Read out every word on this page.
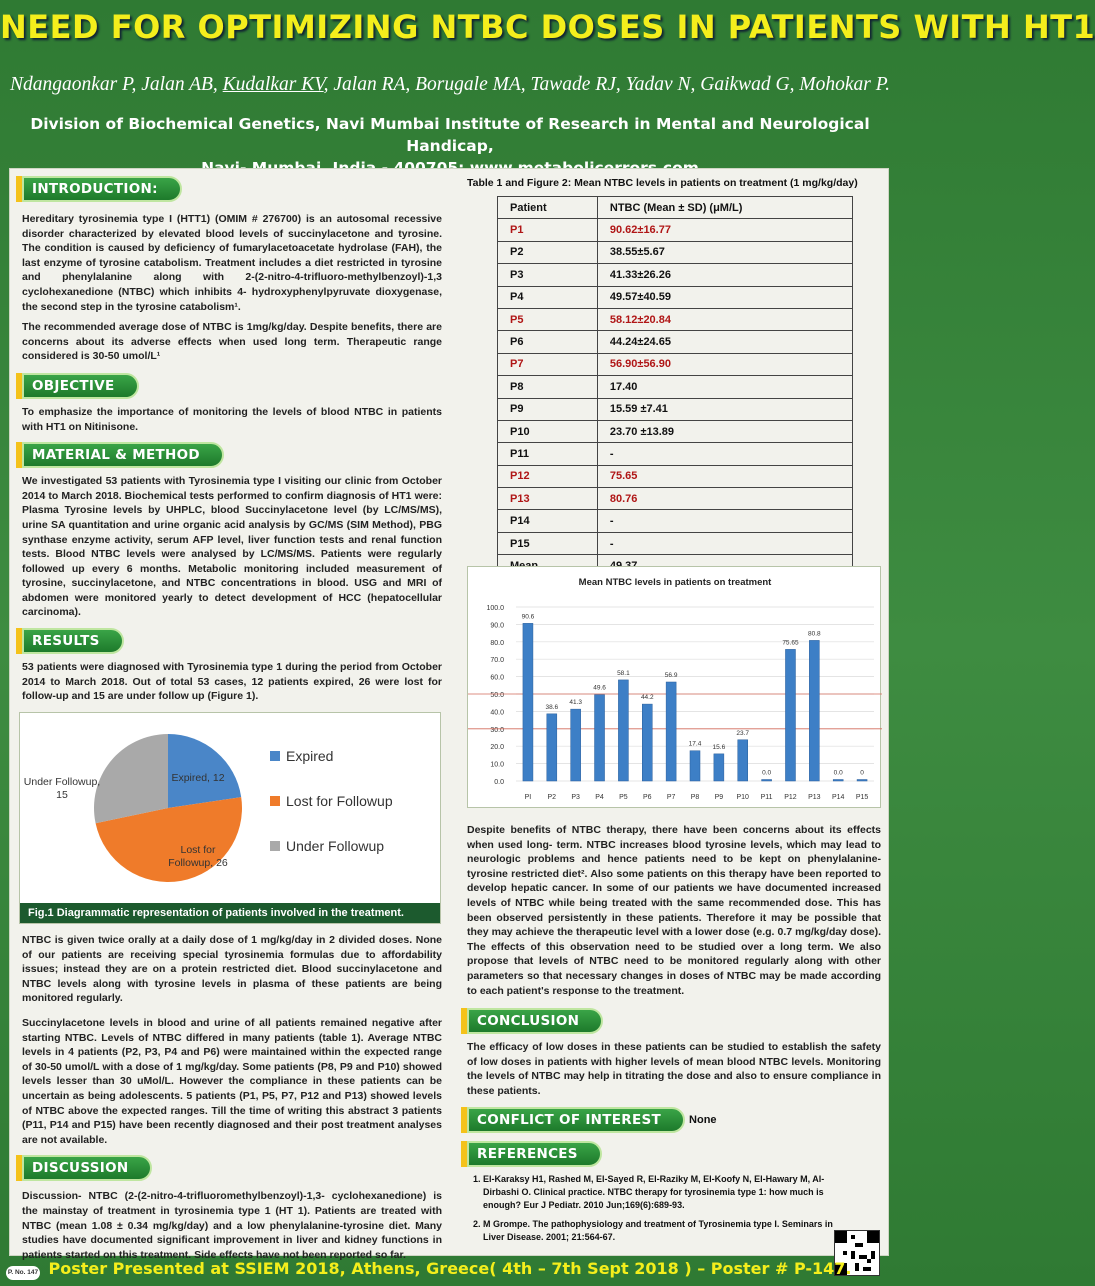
NEED FOR OPTIMIZING NTBC DOSES IN PATIENTS WITH HT1
Ndangaonkar P, Jalan AB, Kudalkar KV, Jalan RA, Borugale MA, Tawade RJ, Yadav N, Gaikwad G, Mohokar P.
Division of Biochemical Genetics, Navi Mumbai Institute of Research in Mental and Neurological Handicap,
INTRODUCTION:

Hereditary tyrosinemia type I (HTT1) (OMIM # 276700) is an autosomal recessive disorder characterized by elevated blood levels of succinylacetone and tyrosine. The condition is caused by deficiency of fumarylacetoacetate hydrolase (FAH), the last enzyme of tyrosine catabolism. Treatment includes a diet restricted in tyrosine and phenylalanine along with 2-(2-nitro-4-trifluoro-methylbenzoyl)-1,3 cyclohexanedione (NTBC) which inhibits 4- hydroxyphenylpyruvate dioxygenase, the second step in the tyrosine catabolism¹.

The recommended average dose of NTBC is 1mg/kg/day. Despite benefits, there are concerns about its adverse effects when used long term. Therapeutic range considered is 30-50 umol/L¹

OBJECTIVE

To emphasize the importance of monitoring the levels of blood NTBC in patients with HT1 on Nitinisone.

MATERIAL & METHOD

We investigated 53 patients with Tyrosinemia type I visiting our clinic from October 2014 to March 2018. Biochemical tests performed to confirm diagnosis of HT1 were: Plasma Tyrosine levels by UHPLC, blood Succinylacetone level (by LC/MS/MS), urine SA quantitation and urine organic acid analysis by GC/MS (SIM Method), PBG synthase enzyme activity, serum AFP level, liver function tests and renal function tests. Blood NTBC levels were analysed by LC/MS/MS. Patients were regularly followed up every 6 months. Metabolic monitoring included measurement of tyrosine, succinylacetone, and NTBC concentrations in blood. USG and MRI of abdomen were monitored yearly to detect development of HCC (hepatocellular carcinoma).

RESULTS

53 patients were diagnosed with Tyrosinemia type 1 during the period from October 2014 to March 2018. Out of total 53 cases, 12 patients expired, 26 were lost for follow-up and 15 are under follow up (Figure 1).

Expired, 12
Lost for Followup, 26
Under Followup, 15
Expired
Lost for Followup
Under Followup
Fig.1 Diagrammatic representation of patients involved in the treatment.

NTBC is given twice orally at a daily dose of 1 mg/kg/day in 2 divided doses. None of our patients are receiving special tyrosinemia formulas due to affordability issues; instead they are on a protein restricted diet. Blood succinylacetone and NTBC levels along with tyrosine levels in plasma of these patients are being monitored regularly.

Succinylacetone levels in blood and urine of all patients remained negative after starting NTBC. Levels of NTBC differed in many patients (table 1). Average NTBC levels in 4 patients (P2, P3, P4 and P6) were maintained within the expected range of 30-50 umol/L with a dose of 1 mg/kg/day. Some patients (P8, P9 and P10) showed levels lesser than 30 uMol/L. However the compliance in these patients can be uncertain as being adolescents. 5 patients (P1, P5, P7, P12 and P13) showed levels of NTBC above the expected ranges. Till the time of writing this abstract 3 patients (P11, P14 and P15) have been recently diagnosed and their post treatment analyses are not available.

DISCUSSION

Discussion- NTBC (2-(2-nitro-4-trifluoromethylbenzoyl)-1,3- cyclohexanedione) is the mainstay of treatment in tyrosinemia type 1 (HT 1). Patients are treated with NTBC (mean 1.08 ± 0.34 mg/kg/day) and a low phenylalanine-tyrosine diet. Many studies have documented significant improvement in liver and kidney functions in patients started on this treatment. Side effects have not been reported so far.

Table 1 and Figure 2: Mean NTBC levels in patients on treatment (1 mg/kg/day)
Patient	NTBC (Mean ± SD) (μM/L)
P1	90.62±16.77
P2	38.55±5.67
P3	41.33±26.26
P4	49.57±40.59
P5	58.12±20.84
P6	44.24±24.65
P7	56.90±56.90
P8	17.40
P9	15.59 ±7.41
P10	23.70 ±13.89
P11	-
P12	75.65
P13	80.76
P14	-
P15	-

Mean NTBC levels in patients on treatment
0.0
10.0
20.0
30.0
40.0
50.0
60.0
70.0
80.0
90.0
100.0
90.6
PI
38.6
P2
41.3
P3
49.6
P4
58.1
P5
44.2
P6
56.9
P7
17.4
P8
15.6
P9
23.7
P10
0.0
P11
75.65
P12
80.8
P13
0.0
P14
0
P15

Despite benefits of NTBC therapy, there have been concerns about its effects when used long- term. NTBC increases blood tyrosine levels, which may lead to neurologic problems and hence patients need to be kept on phenylalanine- tyrosine restricted diet². Also some patients on this therapy have been reported to develop hepatic cancer. In some of our patients we have documented increased levels of NTBC while being treated with the same recommended dose. This has been observed persistently in these patients. Therefore it may be possible that they may achieve the therapeutic level with a lower dose (e.g. 0.7 mg/kg/day dose). The effects of this observation need to be studied over a long term. We also propose that levels of NTBC need to be monitored regularly along with other parameters so that necessary changes in doses of NTBC may be made according to each patient's response to the treatment.

CONCLUSION

The efficacy of low doses in these patients can be studied to establish the safety of low doses in patients with higher levels of mean blood NTBC levels. Monitoring the levels of NTBC may help in titrating the dose and also to ensure compliance in these patients.

CONFLICT OF INTEREST	None
REFERENCES
1. El-Karaksy H1, Rashed M, El-Sayed R, El-Raziky M, El-Koofy N, El-Hawary M, Al-Dirbashi O. Clinical practice. NTBC therapy for tyrosinemia type 1: how much is enough? Eur J Pediatr. 2010 Jun;169(6):689-93.
2. M Grompe. The pathophysiology and treatment of Tyrosinemia type I. Seminars in Liver Disease. 2001; 21:564-67.
P. No. 147 Poster Presented at SSIEM 2018, Athens, Greece( 4th – 7th Sept 2018 ) – Poster # P-147.
